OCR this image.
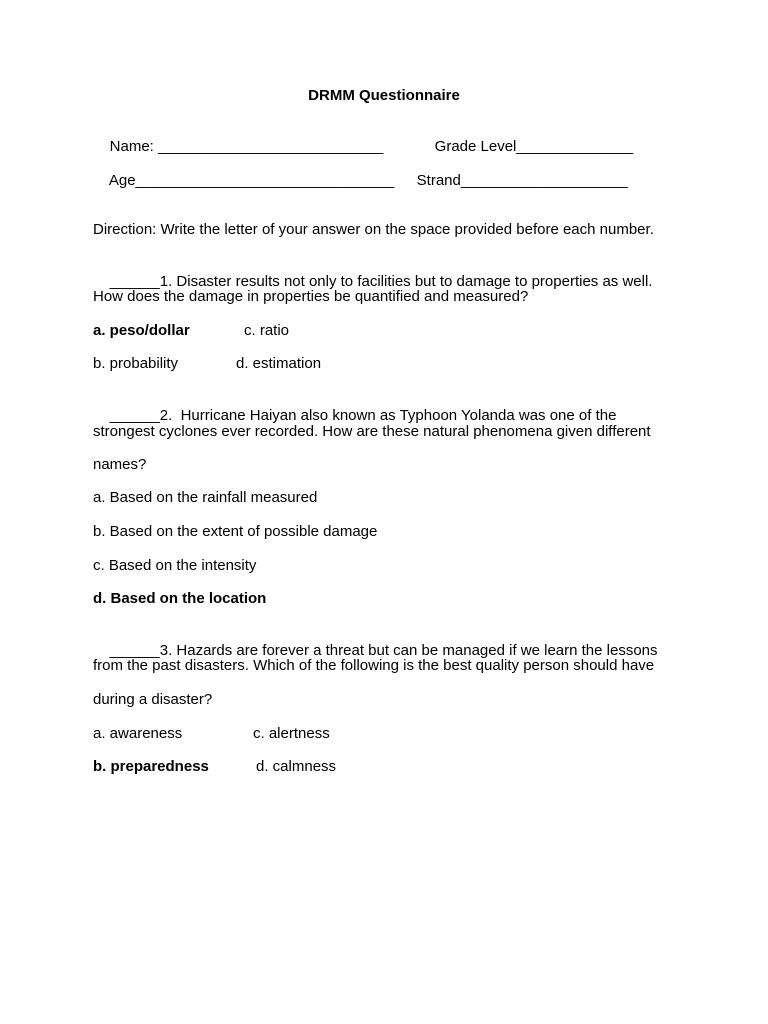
DRMM Questionnaire

Name: ___________________________
	Grade Level______________

Age_______________________________
	Strand____________________

Direction: Write the letter of your answer on the space provided before each number.

______1. Disaster results not only to facilities but to damage to properties as well.

How does the damage in properties be quantified and measured?
a. peso/dollar	c. ratio
b. probability	d. estimation

______2.  Hurricane Haiyan also known as Typhoon Yolanda was one of the

strongest cyclones ever recorded. How are these natural phenomena given different
names?
a. Based on the rainfall measured
b. Based on the extent of possible damage
c. Based on the intensity
d. Based on the location

______3. Hazards are forever a threat but can be managed if we learn the lessons

from the past disasters. Which of the following is the best quality person should have
during a disaster?
a. awareness	c. alertness
b. preparedness	d. calmness
